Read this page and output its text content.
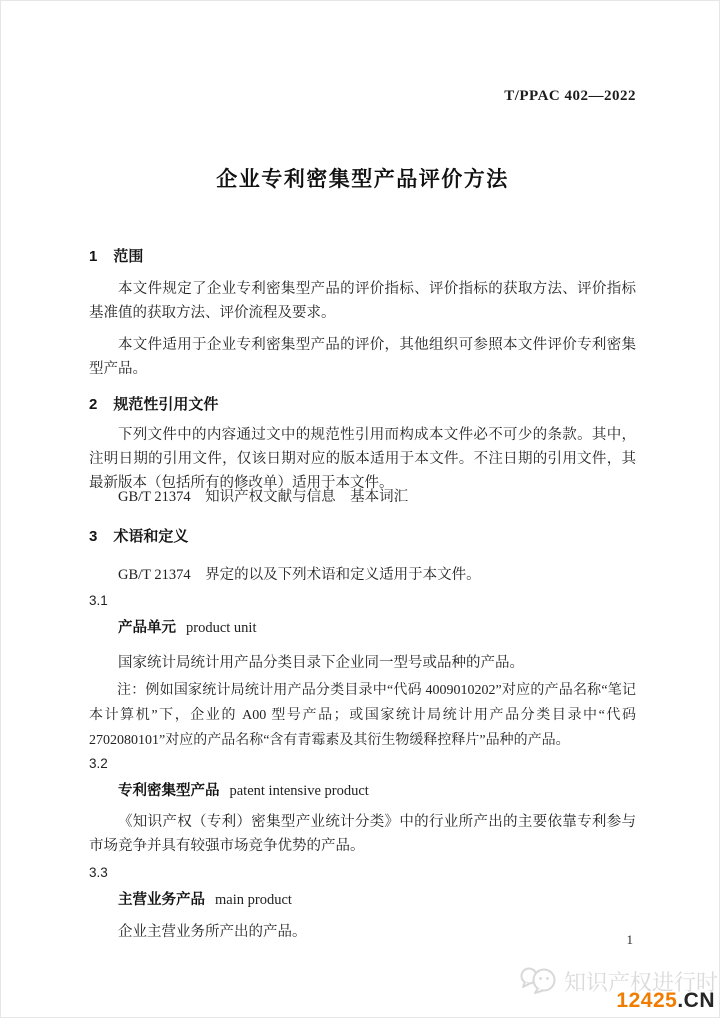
T/PPAC 402—2022
企业专利密集型产品评价方法
1 范围

本文件规定了企业专利密集型产品的评价指标、评价指标的获取方法、评价指标基准值的获取方法、评价流程及要求。

本文件适用于企业专利密集型产品的评价，其他组织可参照本文件评价专利密集型产品。

2 规范性引用文件

下列文件中的内容通过文中的规范性引用而构成本文件必不可少的条款。其中，注明日期的引用文件，仅该日期对应的版本适用于本文件。不注日期的引用文件，其最新版本（包括所有的修改单）适用于本文件。

GB/T 21374　知识产权文献与信息　基本词汇

3 术语和定义

GB/T 21374　界定的以及下列术语和定义适用于本文件。

3.1
产品单元 product unit

国家统计局统计用产品分类目录下企业同一型号或品种的产品。

注：例如国家统计局统计用产品分类目录中“代码 4009010202”对应的产品名称“笔记本计算机”下，企业的 A00 型号产品；或国家统计局统计用产品分类目录中“代码 2702080101”对应的产品名称“含有青霉素及其衍生物缓释控释片”品种的产品。

3.2
专利密集型产品 patent intensive product

《知识产权（专利）密集型产业统计分类》中的行业所产出的主要依靠专利参与市场竞争并具有较强市场竞争优势的产品。

3.3
主营业务产品 main product

企业主营业务所产出的产品。	1
知识产权进行时
12425.CN
